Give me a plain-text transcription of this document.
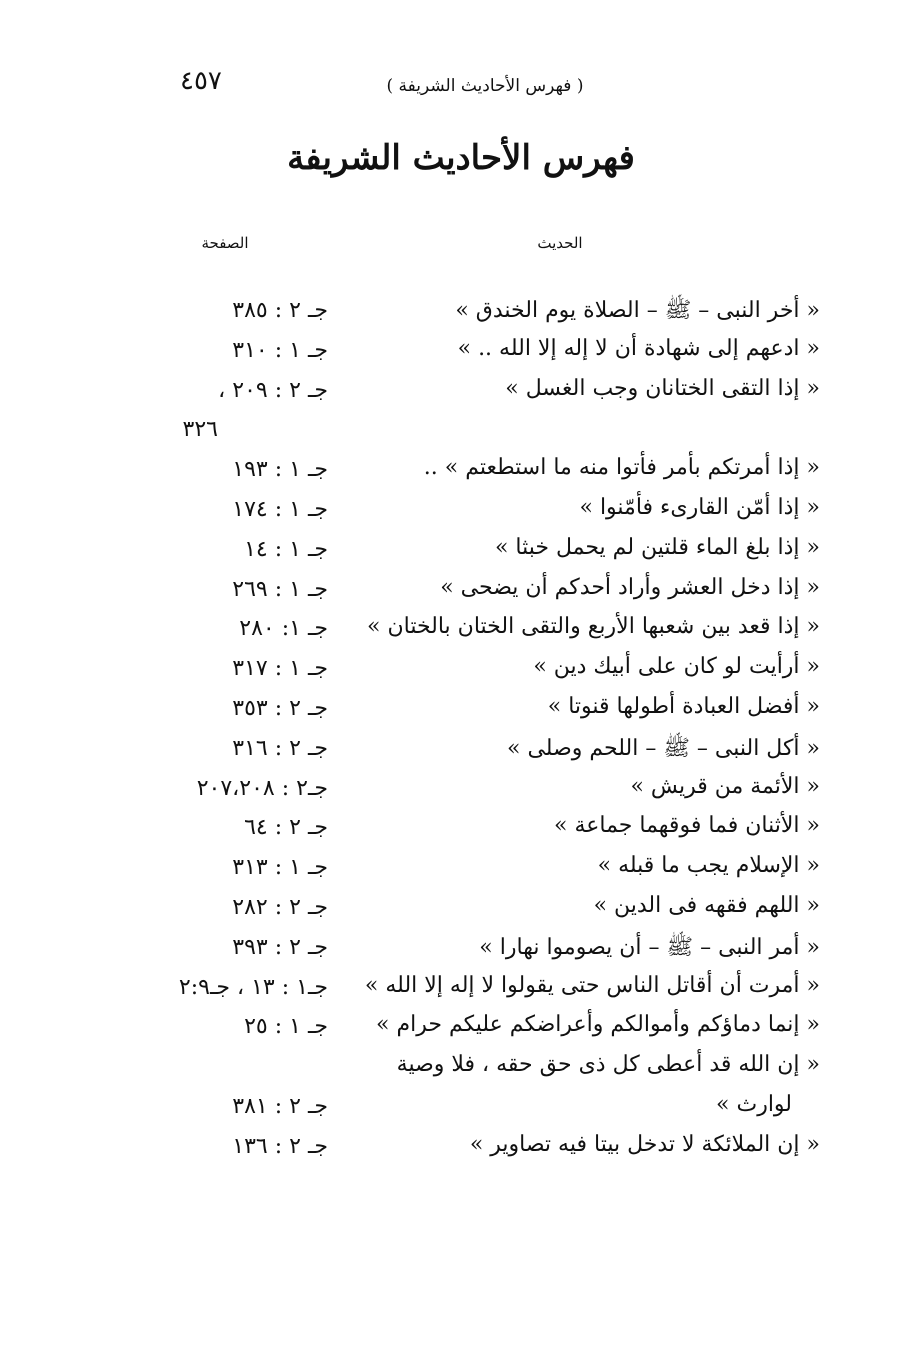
٤٥٧	( فهرس الأحاديث الشريفة )
فهرس الأحاديث الشريفة
الحديث
الصفحة
« أخر النبى – ﷺ – الصلاة يوم الخندق »
جـ ٢ : ٣٨٥
« ادعهم إلى شهادة أن لا إله إلا الله .. »
جـ ١ : ٣١٠
« إذا التقى الختانان وجب الغسل »
جـ ٢ : ٢٠٩ ،
٣٢٦
« إذا أمرتكم بأمر فأتوا منه ما استطعتم » ..
جـ ١ : ١٩٣
« إذا أمّن القارىء فأمّنوا »
جـ ١ : ١٧٤
« إذا بلغ الماء قلتين لم يحمل خبثا »
جـ ١ : ١٤
« إذا دخل العشر وأراد أحدكم أن يضحى »
جـ ١ : ٢٦٩
« إذا قعد بين شعبها الأربع والتقى الختان بالختان »
جـ ١: ٢٨٠
« أرأيت لو كان على أبيك دين »
جـ ١ : ٣١٧
« أفضل العبادة أطولها قنوتا »
جـ ٢ : ٣٥٣
« أكل النبى – ﷺ – اللحم وصلى »
جـ ٢ : ٣١٦
« الأئمة من قريش »
جـ٢ : ٢٠٧،٢٠٨
« الأثنان فما فوقهما جماعة »
جـ ٢ : ٦٤
« الإسلام يجب ما قبله »
جـ ١ : ٣١٣
« اللهم فقهه فى الدين »
جـ ٢ : ٢٨٢
« أمر النبى – ﷺ – أن يصوموا نهارا »
جـ ٢ : ٣٩٣
« أمرت أن أقاتل الناس حتى يقولوا لا إله إلا الله »
جـ١ : ١٣ ، جـ٢:٩
« إنما دماؤكم وأموالكم وأعراضكم عليكم حرام »
جـ ١ : ٢٥
« إن الله قد أعطى كل ذى حق حقه ، فلا وصية
لوارث »
جـ ٢ : ٣٨١
« إن الملائكة لا تدخل بيتا فيه تصاوير »
جـ ٢ : ١٣٦
